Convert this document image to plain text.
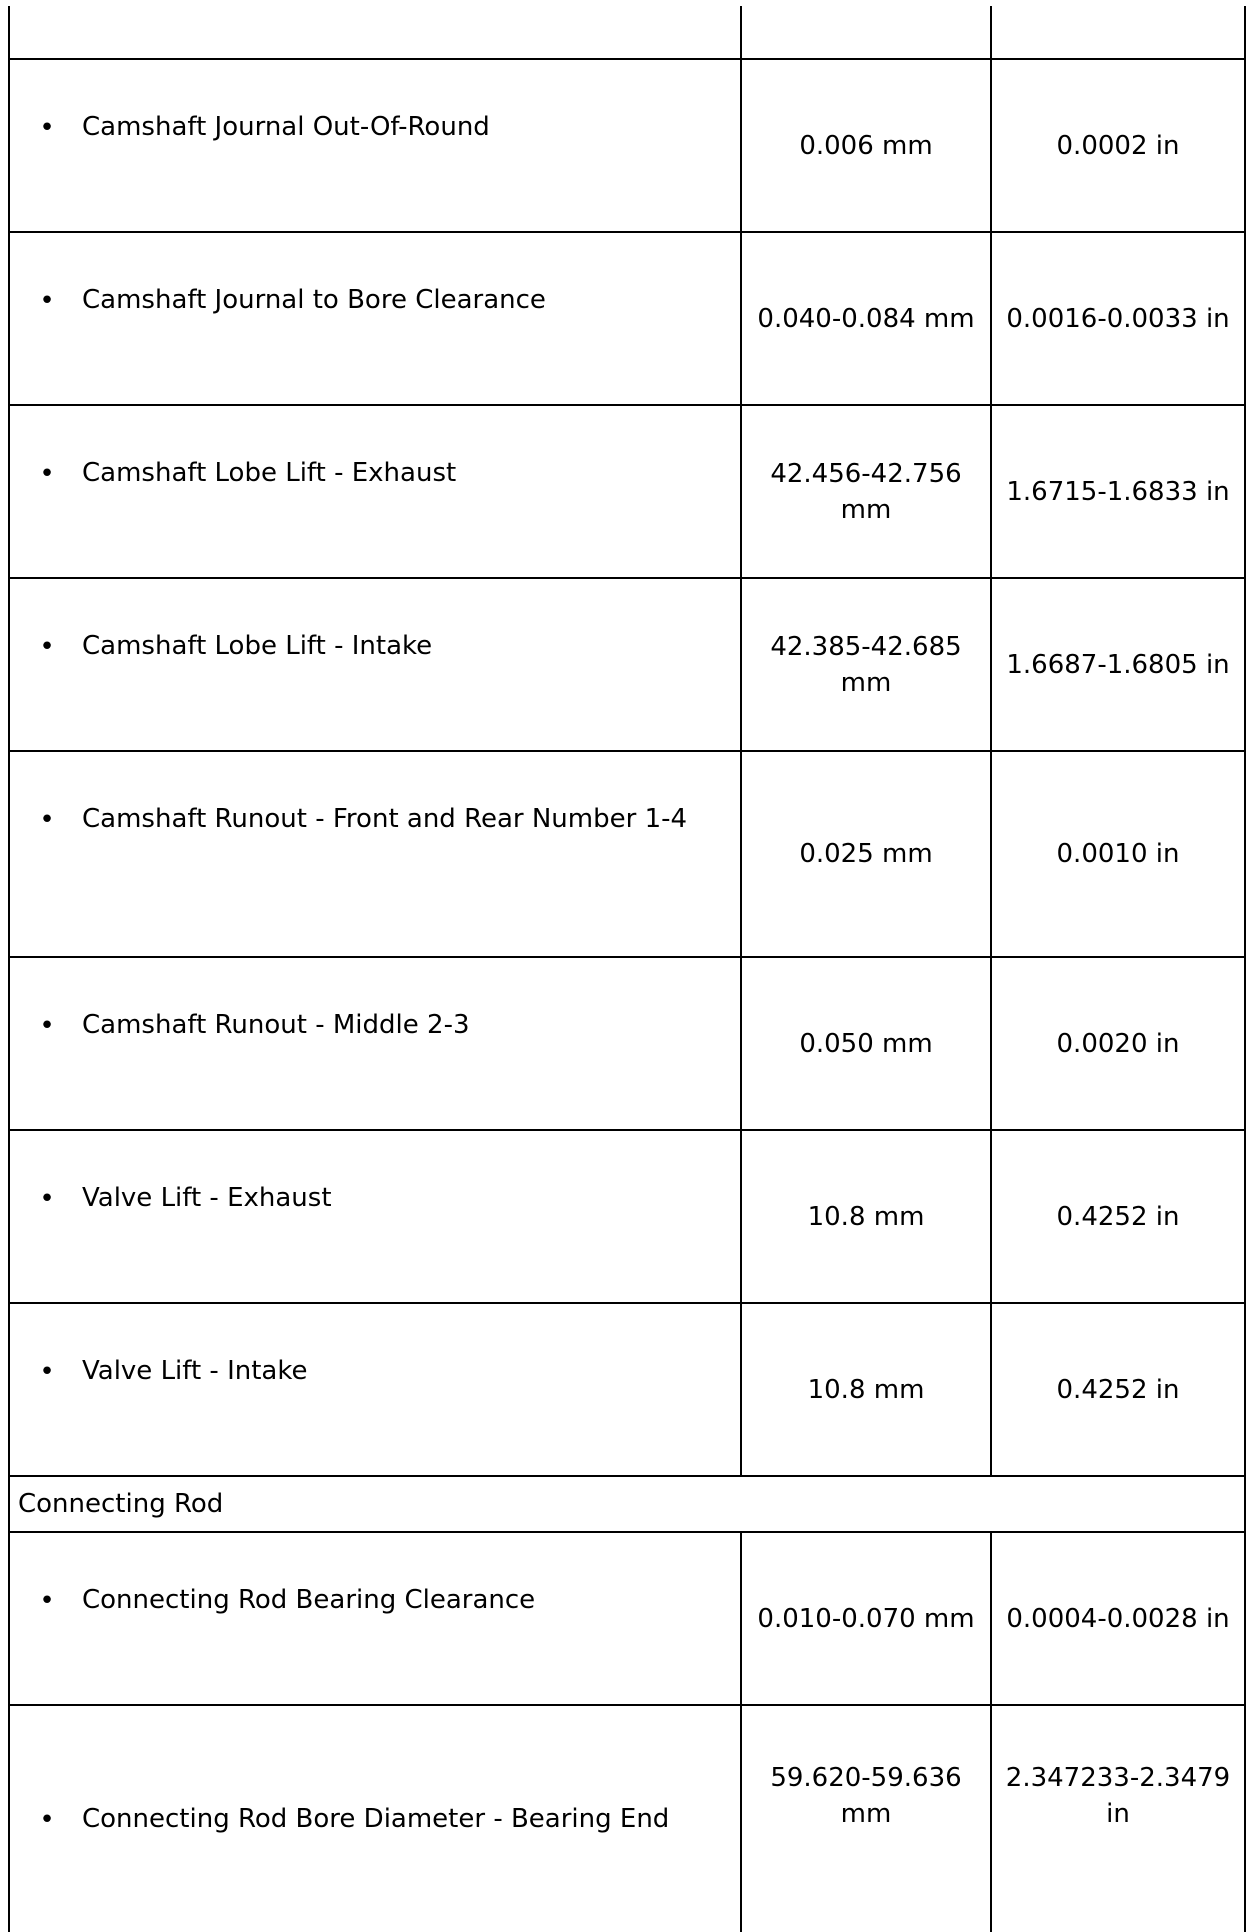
• Camshaft Journal Out-Of-Round	0.006 mm	0.0002 in

• Camshaft Journal to Bore Clearance	0.040-0.084 mm	0.0016-0.0033 in

• Camshaft Lobe Lift - Exhaust	42.456-42.756 mm	1.6715-1.6833 in

• Camshaft Lobe Lift - Intake	42.385-42.685 mm	1.6687-1.6805 in

• Camshaft Runout - Front and Rear Number 1-4	0.025 mm	0.0010 in

• Camshaft Runout - Middle 2-3	0.050 mm	0.0020 in

• Valve Lift - Exhaust	10.8 mm	0.4252 in

• Valve Lift - Intake	10.8 mm	0.4252 in
Connecting Rod		

• Connecting Rod Bearing Clearance	0.010-0.070 mm	0.0004-0.0028 in

• Connecting Rod Bore Diameter - Bearing End	59.620-59.636 mm	2.347233-2.3479 in
